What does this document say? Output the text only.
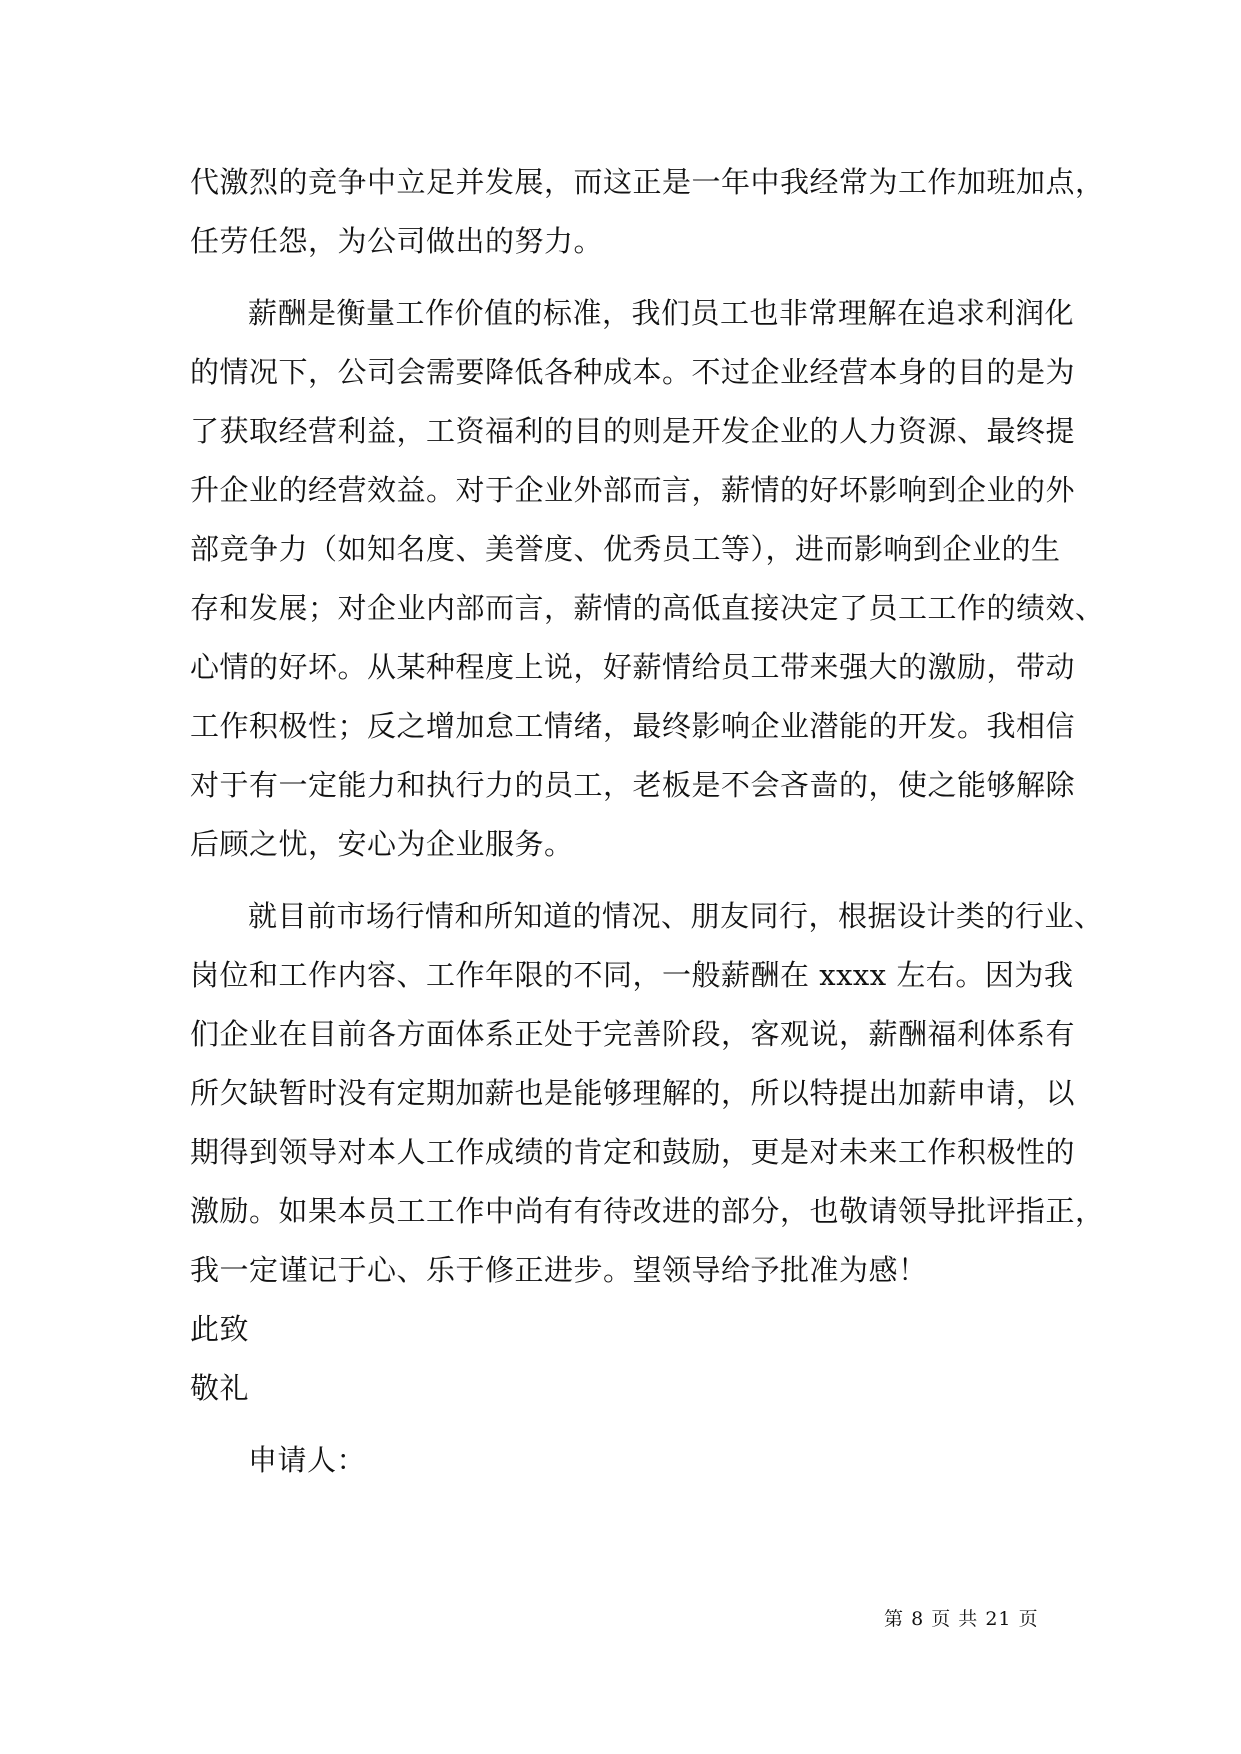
代激烈的竞争中立足并发展，而这正是一年中我经常为工作加班加点，
任劳任怨，为公司做出的努力。
薪酬是衡量工作价值的标准，我们员工也非常理解在追求利润化
的情况下，公司会需要降低各种成本。不过企业经营本身的目的是为
了获取经营利益，工资福利的目的则是开发企业的人力资源、最终提
升企业的经营效益。对于企业外部而言，薪情的好坏影响到企业的外
部竞争力（如知名度、美誉度、优秀员工等），进而影响到企业的生
存和发展；对企业内部而言，薪情的高低直接决定了员工工作的绩效、
心情的好坏。从某种程度上说，好薪情给员工带来强大的激励，带动
工作积极性；反之增加怠工情绪，最终影响企业潜能的开发。我相信
对于有一定能力和执行力的员工，老板是不会吝啬的，使之能够解除
后顾之忧，安心为企业服务。
就目前市场行情和所知道的情况、朋友同行，根据设计类的行业、
岗位和工作内容、工作年限的不同，一般薪酬在 xxxx 左右。因为我
们企业在目前各方面体系正处于完善阶段，客观说，薪酬福利体系有
所欠缺暂时没有定期加薪也是能够理解的，所以特提出加薪申请，以
期得到领导对本人工作成绩的肯定和鼓励，更是对未来工作积极性的
激励。如果本员工工作中尚有有待改进的部分，也敬请领导批评指正，
我一定谨记于心、乐于修正进步。望领导给予批准为感！
此致
敬礼
申请人：
第 8 页 共 21 页
